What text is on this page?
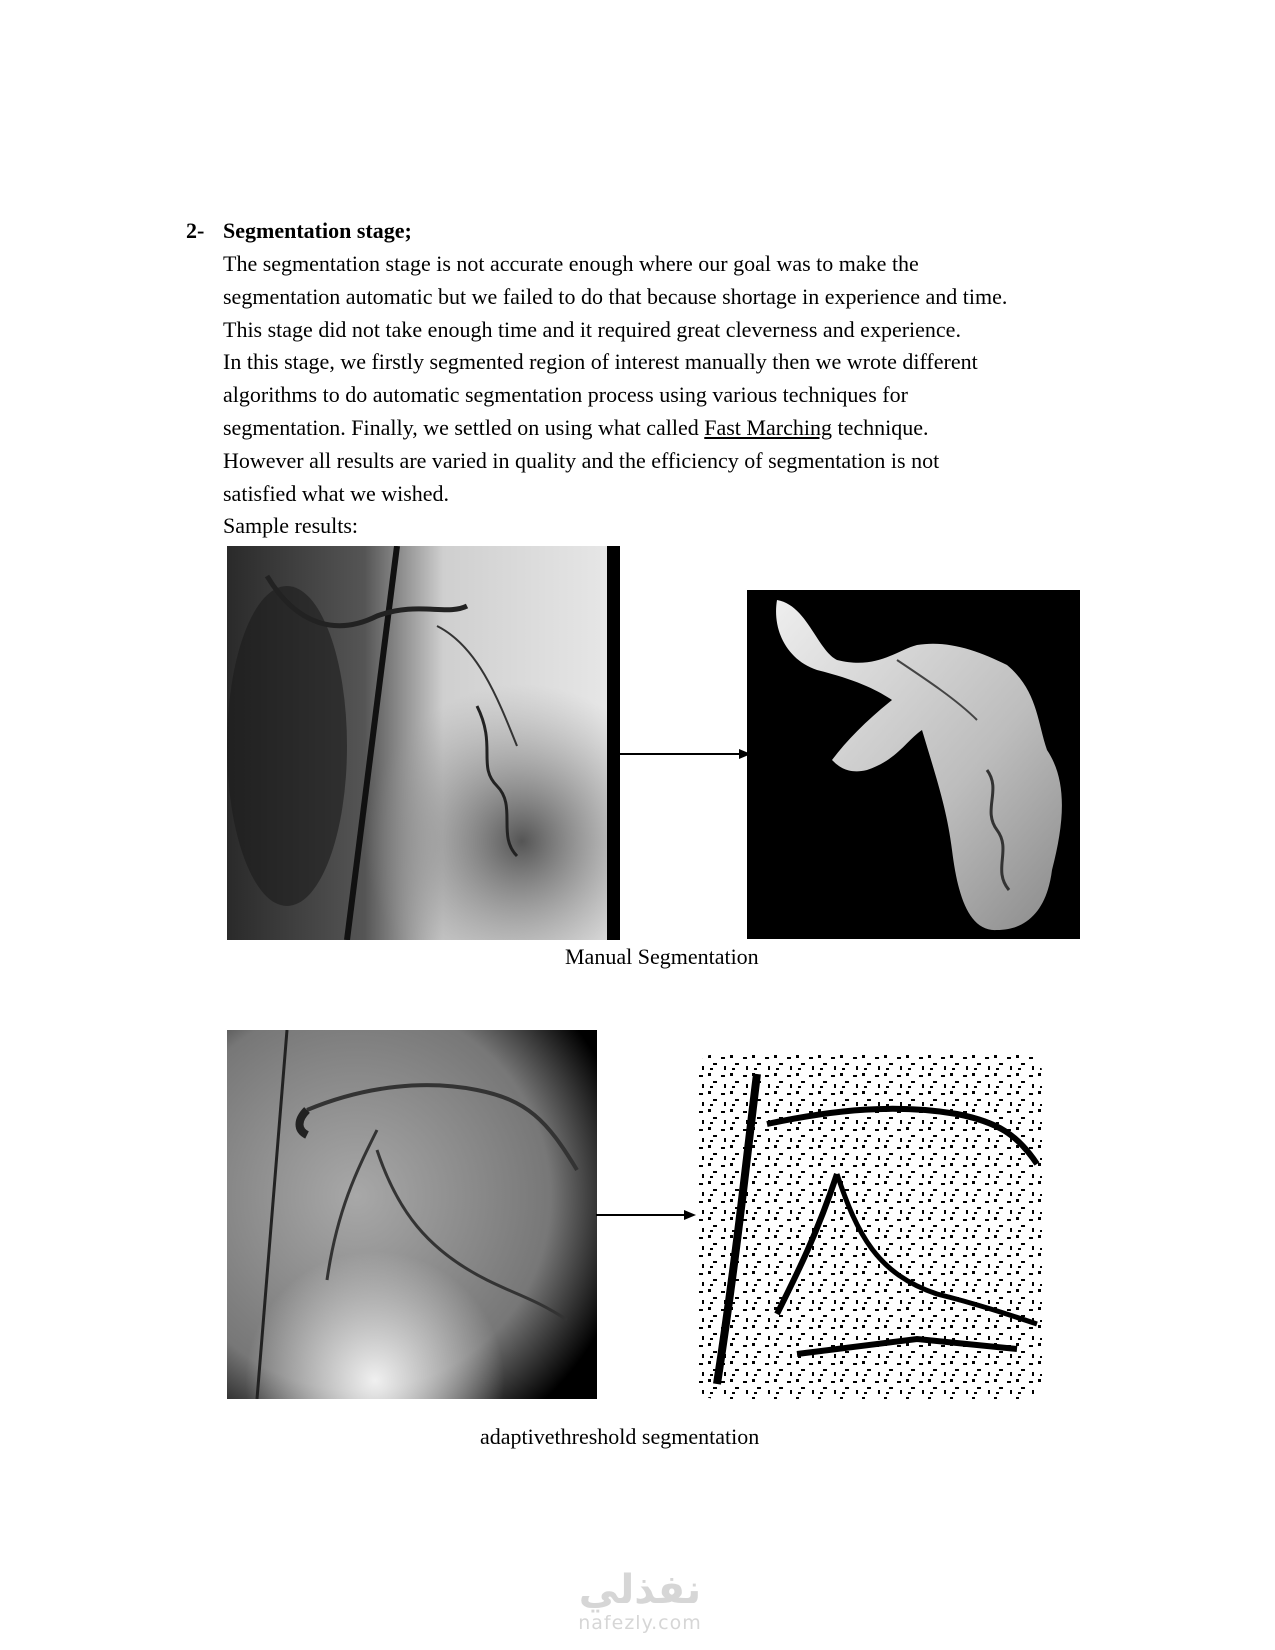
2- Segmentation stage;
The segmentation stage is not accurate enough where our goal was to make the
segmentation automatic but we failed to do that because shortage in experience and time.
This stage did not take enough time and it required great cleverness and experience.
In this stage, we firstly segmented region of interest manually then we wrote different
algorithms to do automatic segmentation process using various techniques for
segmentation. Finally, we settled on using what called Fast Marching technique.
However all results are varied in quality and the efficiency of segmentation is not
satisfied what we wished.
Sample results:
Manual Segmentation
adaptivethreshold segmentation
نفذلي
nafezly.com
